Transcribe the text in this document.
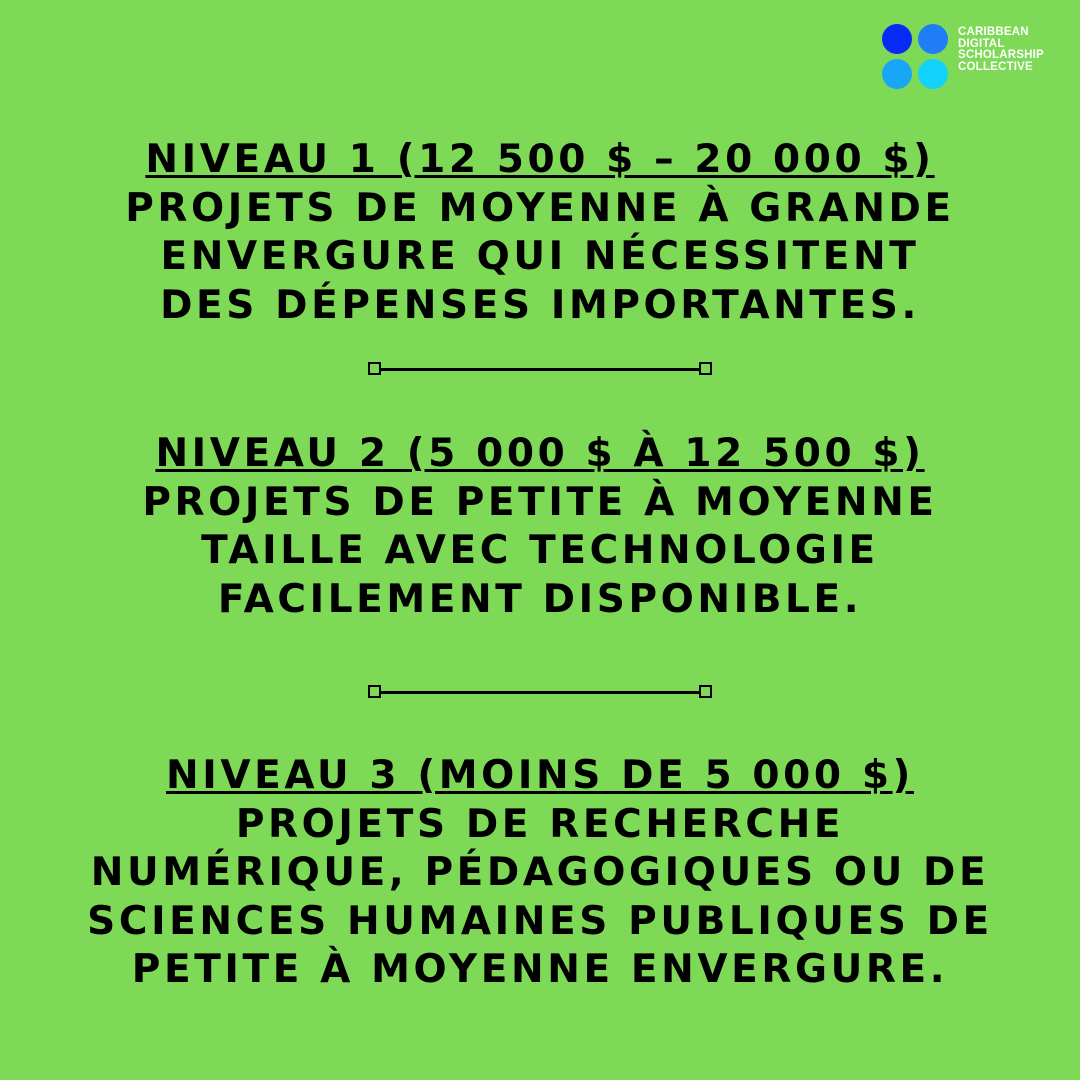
CARIBBEAN
DIGITAL
SCHOLARSHIP
COLLECTIVE
NIVEAU 1 (12 500 $ – 20 000 $)
PROJETS DE MOYENNE À GRANDE
ENVERGURE QUI NÉCESSITENT
DES DÉPENSES IMPORTANTES.
NIVEAU 2 (5 000 $ À 12 500 $)
PROJETS DE PETITE À MOYENNE
TAILLE AVEC TECHNOLOGIE
FACILEMENT DISPONIBLE.
NIVEAU 3 (MOINS DE 5 000 $)
PROJETS DE RECHERCHE
NUMÉRIQUE, PÉDAGOGIQUES OU DE
SCIENCES HUMAINES PUBLIQUES DE
PETITE À MOYENNE ENVERGURE.
